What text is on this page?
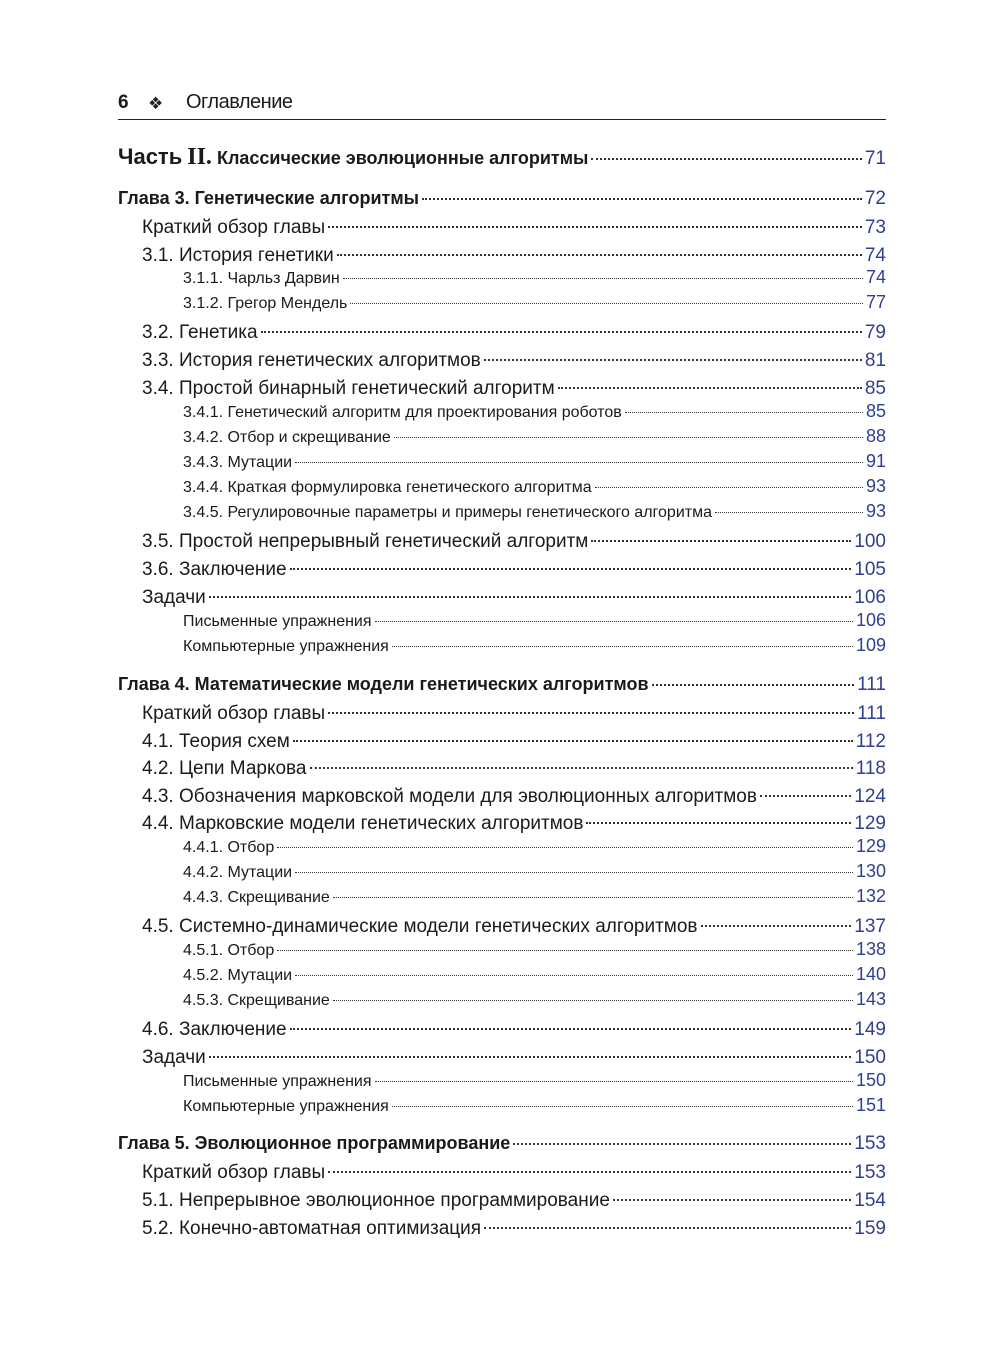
6	❖	Оглавление
Часть II. Классические эволюционные алгоритмы	71
Глава 3. Генетические алгоритмы	72
Краткий обзор главы	73
3.1. История генетики	74
3.1.1. Чарльз Дарвин	74
3.1.2. Грегор Мендель	77
3.2. Генетика	79
3.3. История генетических алгоритмов	81
3.4. Простой бинарный генетический алгоритм	85
3.4.1. Генетический алгоритм для проектирования роботов	85
3.4.2. Отбор и скрещивание	88
3.4.3. Мутации	91
3.4.4. Краткая формулировка генетического алгоритма	93
3.4.5. Регулировочные параметры и примеры генетического алгоритма	93
3.5. Простой непрерывный генетический алгоритм	100
3.6. Заключение	105
Задачи	106
Письменные упражнения	106
Компьютерные упражнения	109
Глава 4. Математические модели генетических алгоритмов	111
Краткий обзор главы	111
4.1. Теория схем	112
4.2. Цепи Маркова	118
4.3. Обозначения марковской модели для эволюционных алгоритмов	124
4.4. Марковские модели генетических алгоритмов	129
4.4.1. Отбор	129
4.4.2. Мутации	130
4.4.3. Скрещивание	132
4.5. Системно-динамические модели генетических алгоритмов	137
4.5.1. Отбор	138
4.5.2. Мутации	140
4.5.3. Скрещивание	143
4.6. Заключение	149
Задачи	150
Письменные упражнения	150
Компьютерные упражнения	151
Глава 5. Эволюционное программирование	153
Краткий обзор главы	153
5.1. Непрерывное эволюционное программирование	154
5.2. Конечно-автоматная оптимизация	159
